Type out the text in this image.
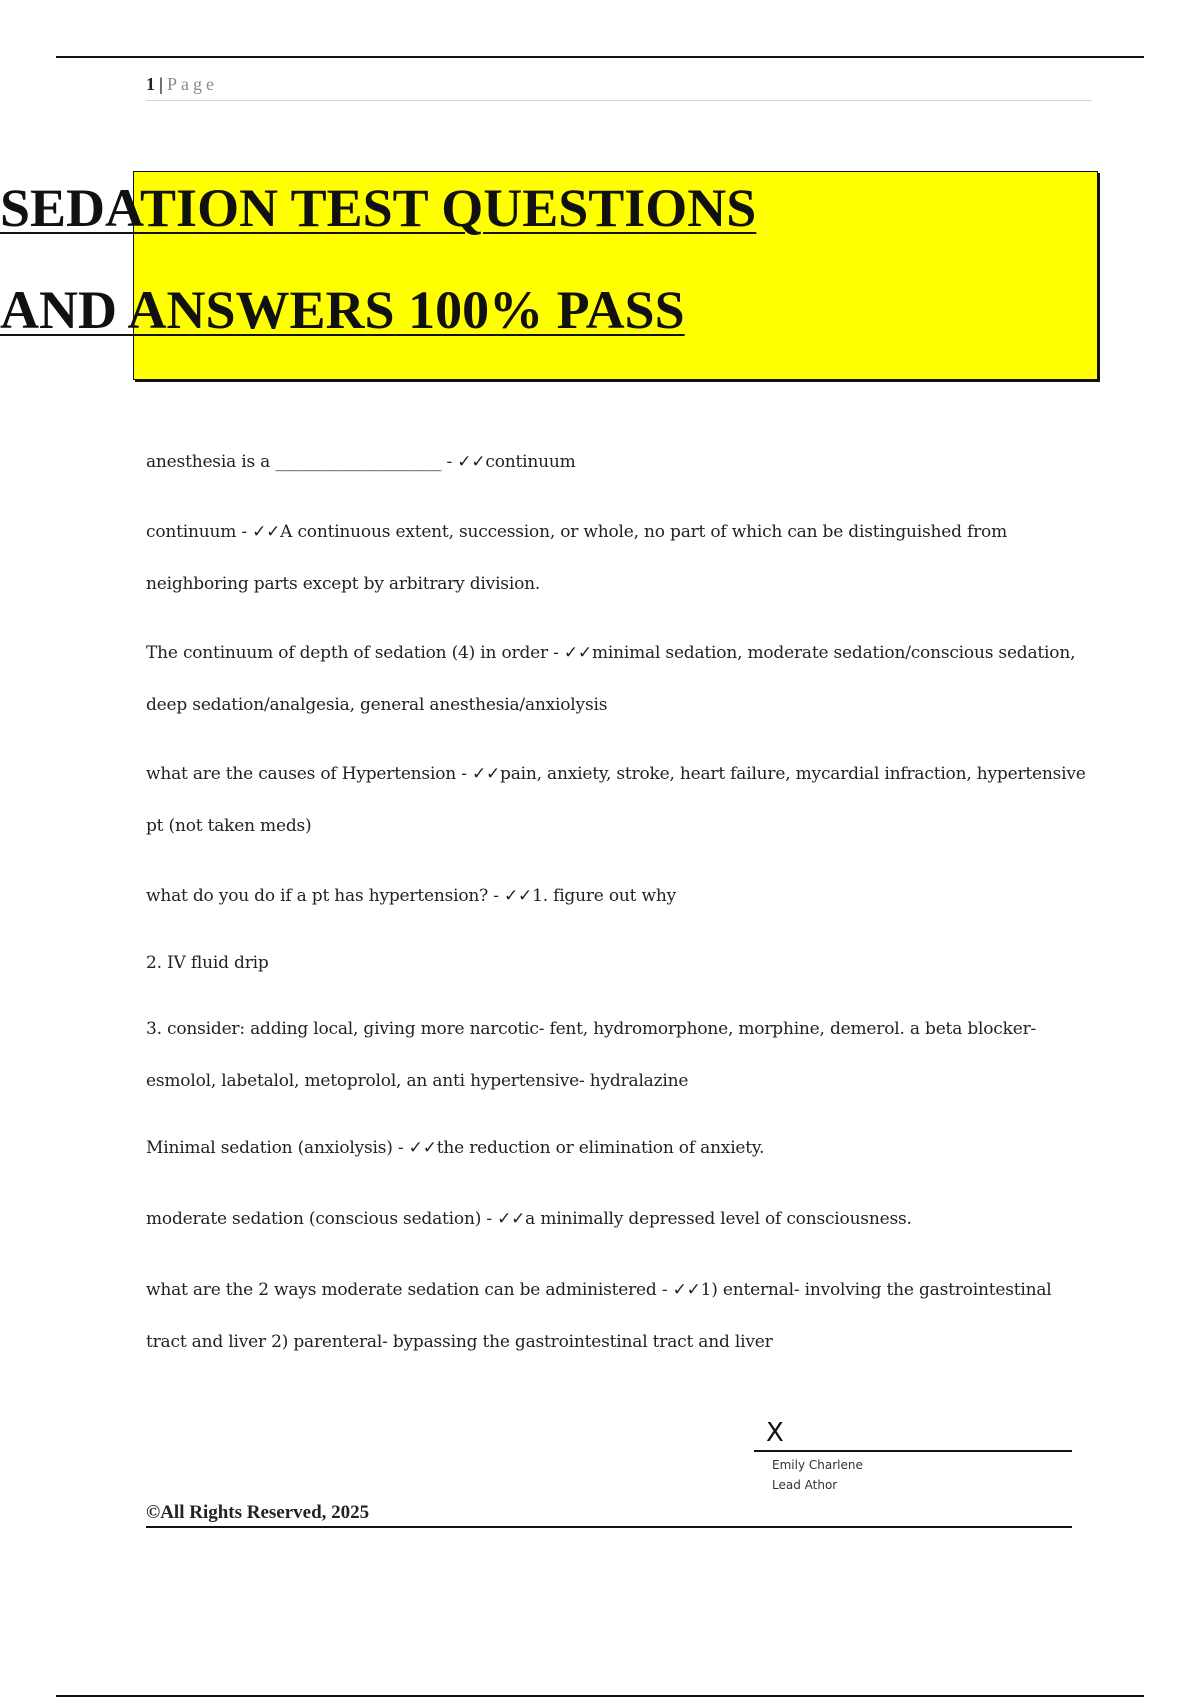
1 | Page
SEDATION TEST QUESTIONS
AND ANSWERS 100% PASS

anesthesia is a ____________________ - ✓✓continuum

continuum - ✓✓A continuous extent, succession, or whole, no part of which can be distinguished from neighboring parts except by arbitrary division.

The continuum of depth of sedation (4) in order - ✓✓minimal sedation, moderate sedation/conscious sedation, deep sedation/analgesia, general anesthesia/anxiolysis

what are the causes of Hypertension - ✓✓pain, anxiety, stroke, heart failure, mycardial infraction, hypertensive pt (not taken meds)

what do you do if a pt has hypertension? - ✓✓1. figure out why

2. IV fluid drip

3. consider: adding local, giving more narcotic- fent, hydromorphone, morphine, demerol. a beta blocker- esmolol, labetalol, metoprolol, an anti hypertensive- hydralazine

Minimal sedation (anxiolysis) - ✓✓the reduction or elimination of anxiety.

moderate sedation (conscious sedation) - ✓✓a minimally depressed level of consciousness.

what are the 2 ways moderate sedation can be administered - ✓✓1) enternal- involving the gastrointestinal tract and liver 2) parenteral- bypassing the gastrointestinal tract and liver

X
Emily Charlene
Lead Athor
©All Rights Reserved, 2025
